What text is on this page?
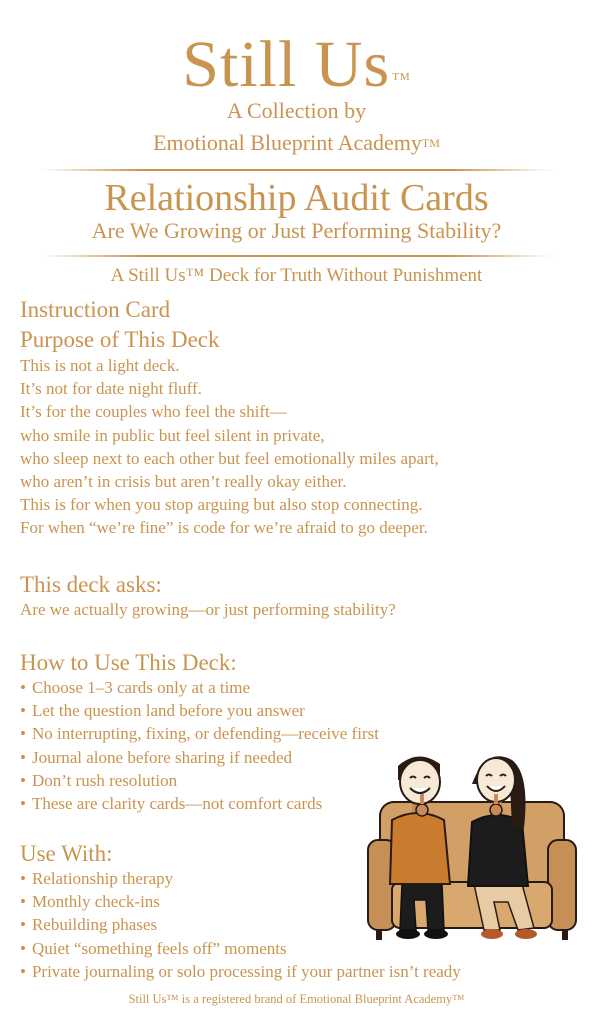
Still Us ™
A Collection by
Emotional Blueprint Academy™
Relationship Audit Cards
Are We Growing or Just Performing Stability?
A Still Us™ Deck for Truth Without Punishment
Instruction Card
Purpose of This Deck
This is not a light deck.
It’s not for date night fluff.
It’s for the couples who feel the shift—
who smile in public but feel silent in private,
who sleep next to each other but feel emotionally miles apart,
who aren’t in crisis but aren’t really okay either.
This is for when you stop arguing but also stop connecting.
For when “we’re fine” is code for we’re afraid to go deeper.
This deck asks:
Are we actually growing—or just performing stability?
How to Use This Deck:
• Choose 1–3 cards only at a time
• Let the question land before you answer
• No interrupting, fixing, or defending—receive first
• Journal alone before sharing if needed
• Don’t rush resolution
• These are clarity cards—not comfort cards
Use With:
• Relationship therapy
• Monthly check-ins
• Rebuilding phases
• Quiet “something feels off” moments
• Private journaling or solo processing if your partner isn’t ready
Still Us™ is a registered brand of Emotional Blueprint Academy™
